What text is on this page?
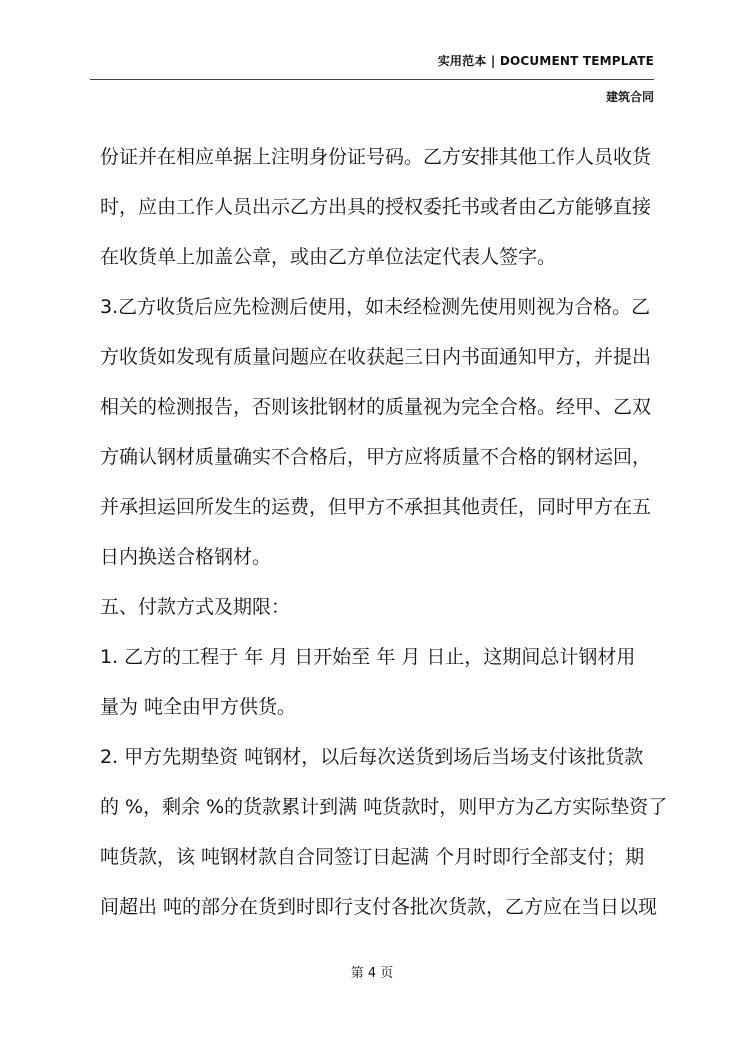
实用范本 | DOCUMENT TEMPLATE
建筑合同
份证并在相应单据上注明身份证号码。乙方安排其他工作人员收货
时，应由工作人员出示乙方出具的授权委托书或者由乙方能够直接
在收货单上加盖公章，或由乙方单位法定代表人签字。
3.乙方收货后应先检测后使用，如未经检测先使用则视为合格。乙
方收货如发现有质量问题应在收获起三日内书面通知甲方，并提出
相关的检测报告，否则该批钢材的质量视为完全合格。经甲、乙双
方确认钢材质量确实不合格后，甲方应将质量不合格的钢材运回，
并承担运回所发生的运费，但甲方不承担其他责任，同时甲方在五
日内换送合格钢材。
五、付款方式及期限：
1. 乙方的工程于 年 月 日开始至 年 月 日止，这期间总计钢材用
量为 吨全由甲方供货。
2. 甲方先期垫资 吨钢材，以后每次送货到场后当场支付该批货款
的 %，剩余 %的货款累计到满 吨货款时，则甲方为乙方实际垫资了
吨货款，该 吨钢材款自合同签订日起满 个月时即行全部支付；期
间超出 吨的部分在货到时即行支付各批次货款，乙方应在当日以现
第 4 页
